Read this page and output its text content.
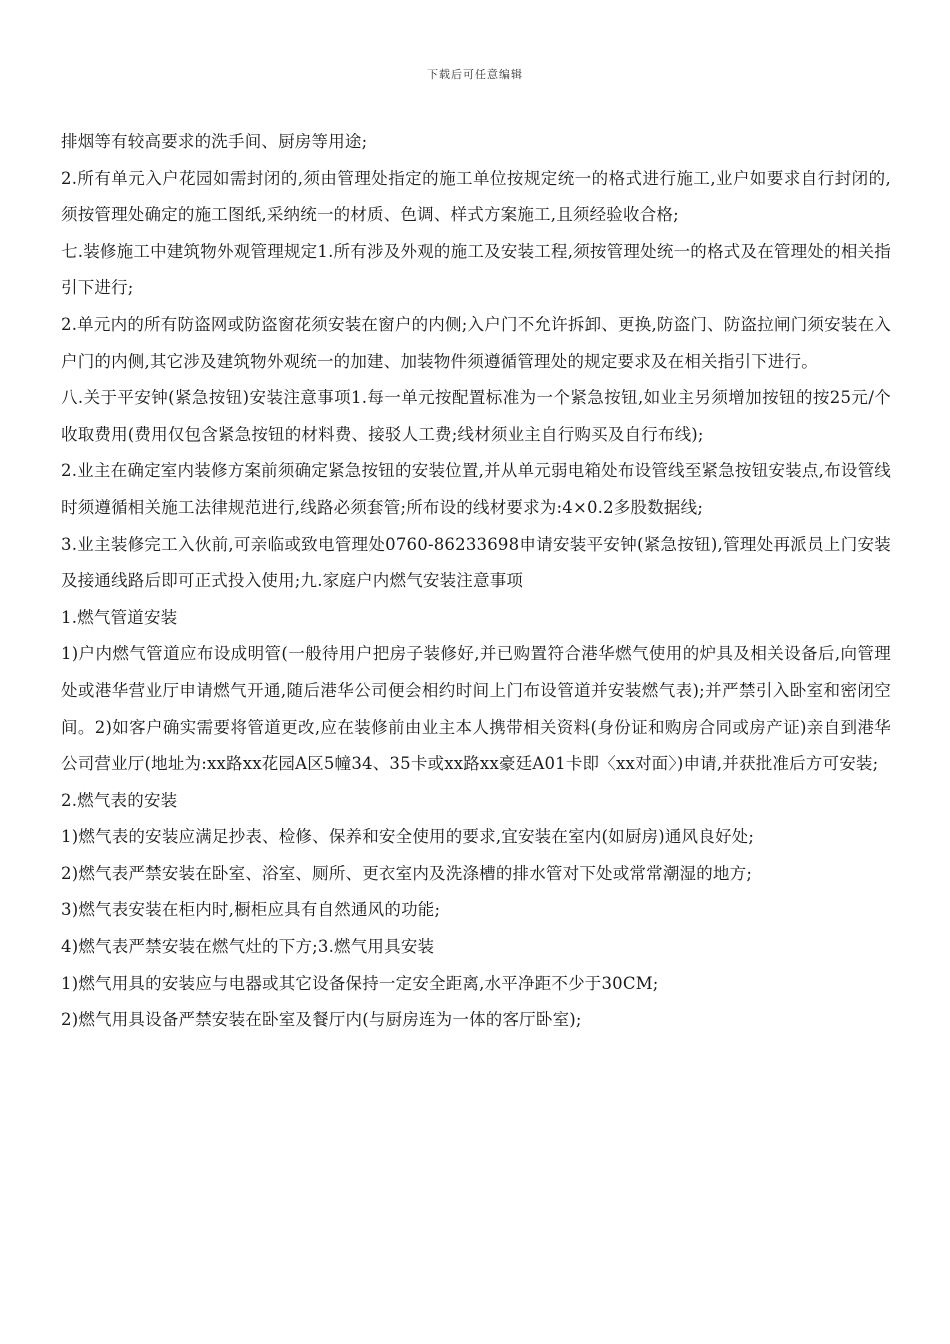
下载后可任意编辑

排烟等有较高要求的洗手间、厨房等用途;

2.所有单元入户花园如需封闭的,须由管理处指定的施工单位按规定统一的格式进行施工,业户如要求自行封闭的,须按管理处确定的施工图纸,采纳统一的材质、色调、样式方案施工,且须经验收合格;

七.装修施工中建筑物外观管理规定1.所有涉及外观的施工及安装工程,须按管理处统一的格式及在管理处的相关指引下进行;

2.单元内的所有防盗网或防盗窗花须安装在窗户的内侧;入户门不允许拆卸、更换,防盗门、防盗拉闸门须安装在入户门的内侧,其它涉及建筑物外观统一的加建、加装物件须遵循管理处的规定要求及在相关指引下进行。

八.关于平安钟(紧急按钮)安装注意事项1.每一单元按配置标准为一个紧急按钮,如业主另须增加按钮的按25元/个收取费用(费用仅包含紧急按钮的材料费、接驳人工费;线材须业主自行购买及自行布线);

2.业主在确定室内装修方案前须确定紧急按钮的安装位置,并从单元弱电箱处布设管线至紧急按钮安装点,布设管线时须遵循相关施工法律规范进行,线路必须套管;所布设的线材要求为:4×0.2多股数据线;

3.业主装修完工入伙前,可亲临或致电管理处0760-86233698申请安装平安钟(紧急按钮),管理处再派员上门安装及接通线路后即可正式投入使用;九.家庭户内燃气安装注意事项

1.燃气管道安装

1)户内燃气管道应布设成明管(一般待用户把房子装修好,并已购置符合港华燃气使用的炉具及相关设备后,向管理处或港华营业厅申请燃气开通,随后港华公司便会相约时间上门布设管道并安装燃气表);并严禁引入卧室和密闭空间。2)如客户确实需要将管道更改,应在装修前由业主本人携带相关资料(身份证和购房合同或房产证)亲自到港华公司营业厅(地址为:xx路xx花园A区5幢34、35卡或xx路xx豪廷A01卡即〈xx对面〉)申请,并获批准后方可安装;

2.燃气表的安装

1)燃气表的安装应满足抄表、检修、保养和安全使用的要求,宜安装在室内(如厨房)通风良好处;

2)燃气表严禁安装在卧室、浴室、厕所、更衣室内及洗涤槽的排水管对下处或常常潮湿的地方;

3)燃气表安装在柜内时,橱柜应具有自然通风的功能;

4)燃气表严禁安装在燃气灶的下方;3.燃气用具安装

1)燃气用具的安装应与电器或其它设备保持一定安全距离,水平净距不少于30CM;

2)燃气用具设备严禁安装在卧室及餐厅内(与厨房连为一体的客厅卧室);
